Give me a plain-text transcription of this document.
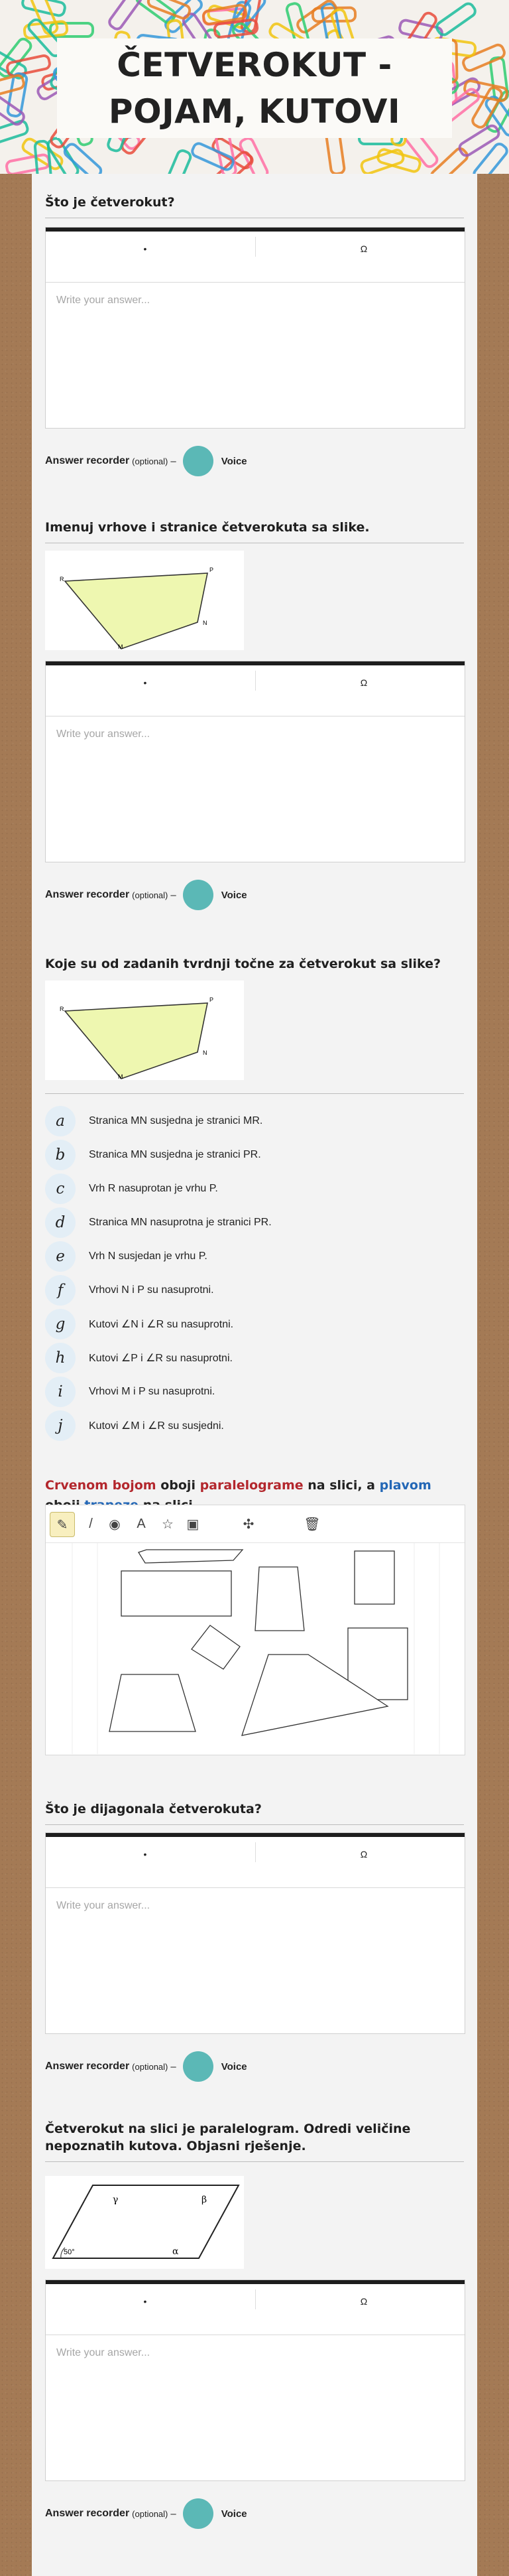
ČETVEROKUT - POJAM, KUTOVI
Što je četverokut?
•	Ω
Write your answer...
Answer recorder (optional) –	Voice
Imenuj vrhove i stranice četverokuta sa slike.
R
P
N
M
•	Ω
Write your answer...
Answer recorder (optional) –	Voice
Koje su od zadanih tvrdnji točne za četverokut sa slike?
R
P
N
M
a	Stranica MN susjedna je stranici MR.
b	Stranica MN susjedna je stranici PR.
c	Vrh R nasuprotan je vrhu P.
d	Stranica MN nasuprotna je stranici PR.
e	Vrh N susjedan je vrhu P.
f	Vrhovi N i P su nasuprotni.
g	Kutovi ∠N i ∠R su nasuprotni.
h	Kutovi ∠P i ∠R su nasuprotni.
i	Vrhovi M i P su nasuprotni.
j	Kutovi ∠M i ∠R su susjedni.
Crvenom bojom oboji paralelograme na slici, a plavom
✎	/	◉	A	☆ ▣	✣	🗑
Što je dijagonala četverokuta?
•	Ω
Write your answer...
Answer recorder (optional) –	Voice
Četverokut na slici je paralelogram. Odredi veličine nepoznatih kutova. Objasni rješenje.
γ	β
α
50°
•	Ω
Write your answer...
Answer recorder (optional) –	Voice
